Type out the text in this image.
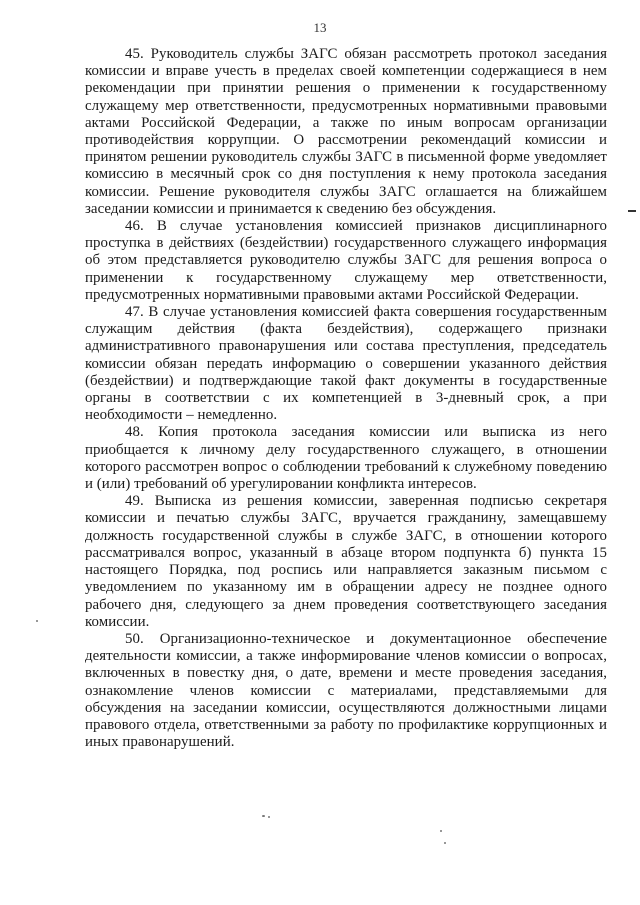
13

45. Руководитель службы ЗАГС обязан рассмотреть протокол заседания комиссии и вправе учесть в пределах своей компетенции содержащиеся в нем рекомендации при принятии решения о применении к государственному служащему мер ответственности, предусмотренных нормативными правовыми актами Российской Федерации, а также по иным вопросам организации противодействия коррупции. О рассмотрении рекомендаций комиссии и принятом решении руководитель службы ЗАГС в письменной форме уведомляет комиссию в месячный срок со дня поступления к нему протокола заседания комиссии. Решение руководителя службы ЗАГС оглашается на ближайшем заседании комиссии и принимается к сведению без обсуждения.

46. В случае установления комиссией признаков дисциплинарного проступка в действиях (бездействии) государственного служащего информация об этом представляется руководителю службы ЗАГС для решения вопроса о применении к государственному служащему мер ответственности, предусмотренных нормативными правовыми актами Российской Федерации.

47. В случае установления комиссией факта совершения государственным служащим действия (факта бездействия), содержащего признаки административного правонарушения или состава преступления, председатель комиссии обязан передать информацию о совершении указанного действия (бездействии) и подтверждающие такой факт документы в государственные органы в соответствии с их компетенцией в 3-дневный срок, а при необходимости – немедленно.

48. Копия протокола заседания комиссии или выписка из него приобщается к личному делу государственного служащего, в отношении которого рассмотрен вопрос о соблюдении требований к служебному поведению и (или) требований об урегулировании конфликта интересов.

49. Выписка из решения комиссии, заверенная подписью секретаря комиссии и печатью службы ЗАГС, вручается гражданину, замещавшему должность государственной службы в службе ЗАГС, в отношении которого рассматривался вопрос, указанный в абзаце втором подпункта б) пункта 15 настоящего Порядка, под роспись или направляется заказным письмом с уведомлением по указанному им в обращении адресу не позднее одного рабочего дня, следующего за днем проведения соответствующего заседания комиссии.

50. Организационно-техническое и документационное обеспечение деятельности комиссии, а также информирование членов комиссии о вопросах, включенных в повестку дня, о дате, времени и месте проведения заседания, ознакомление членов комиссии с материалами, представляемыми для обсуждения на заседании комиссии, осуществляются должностными лицами правового отдела, ответственными за работу по профилактике коррупционных и иных правонарушений.
